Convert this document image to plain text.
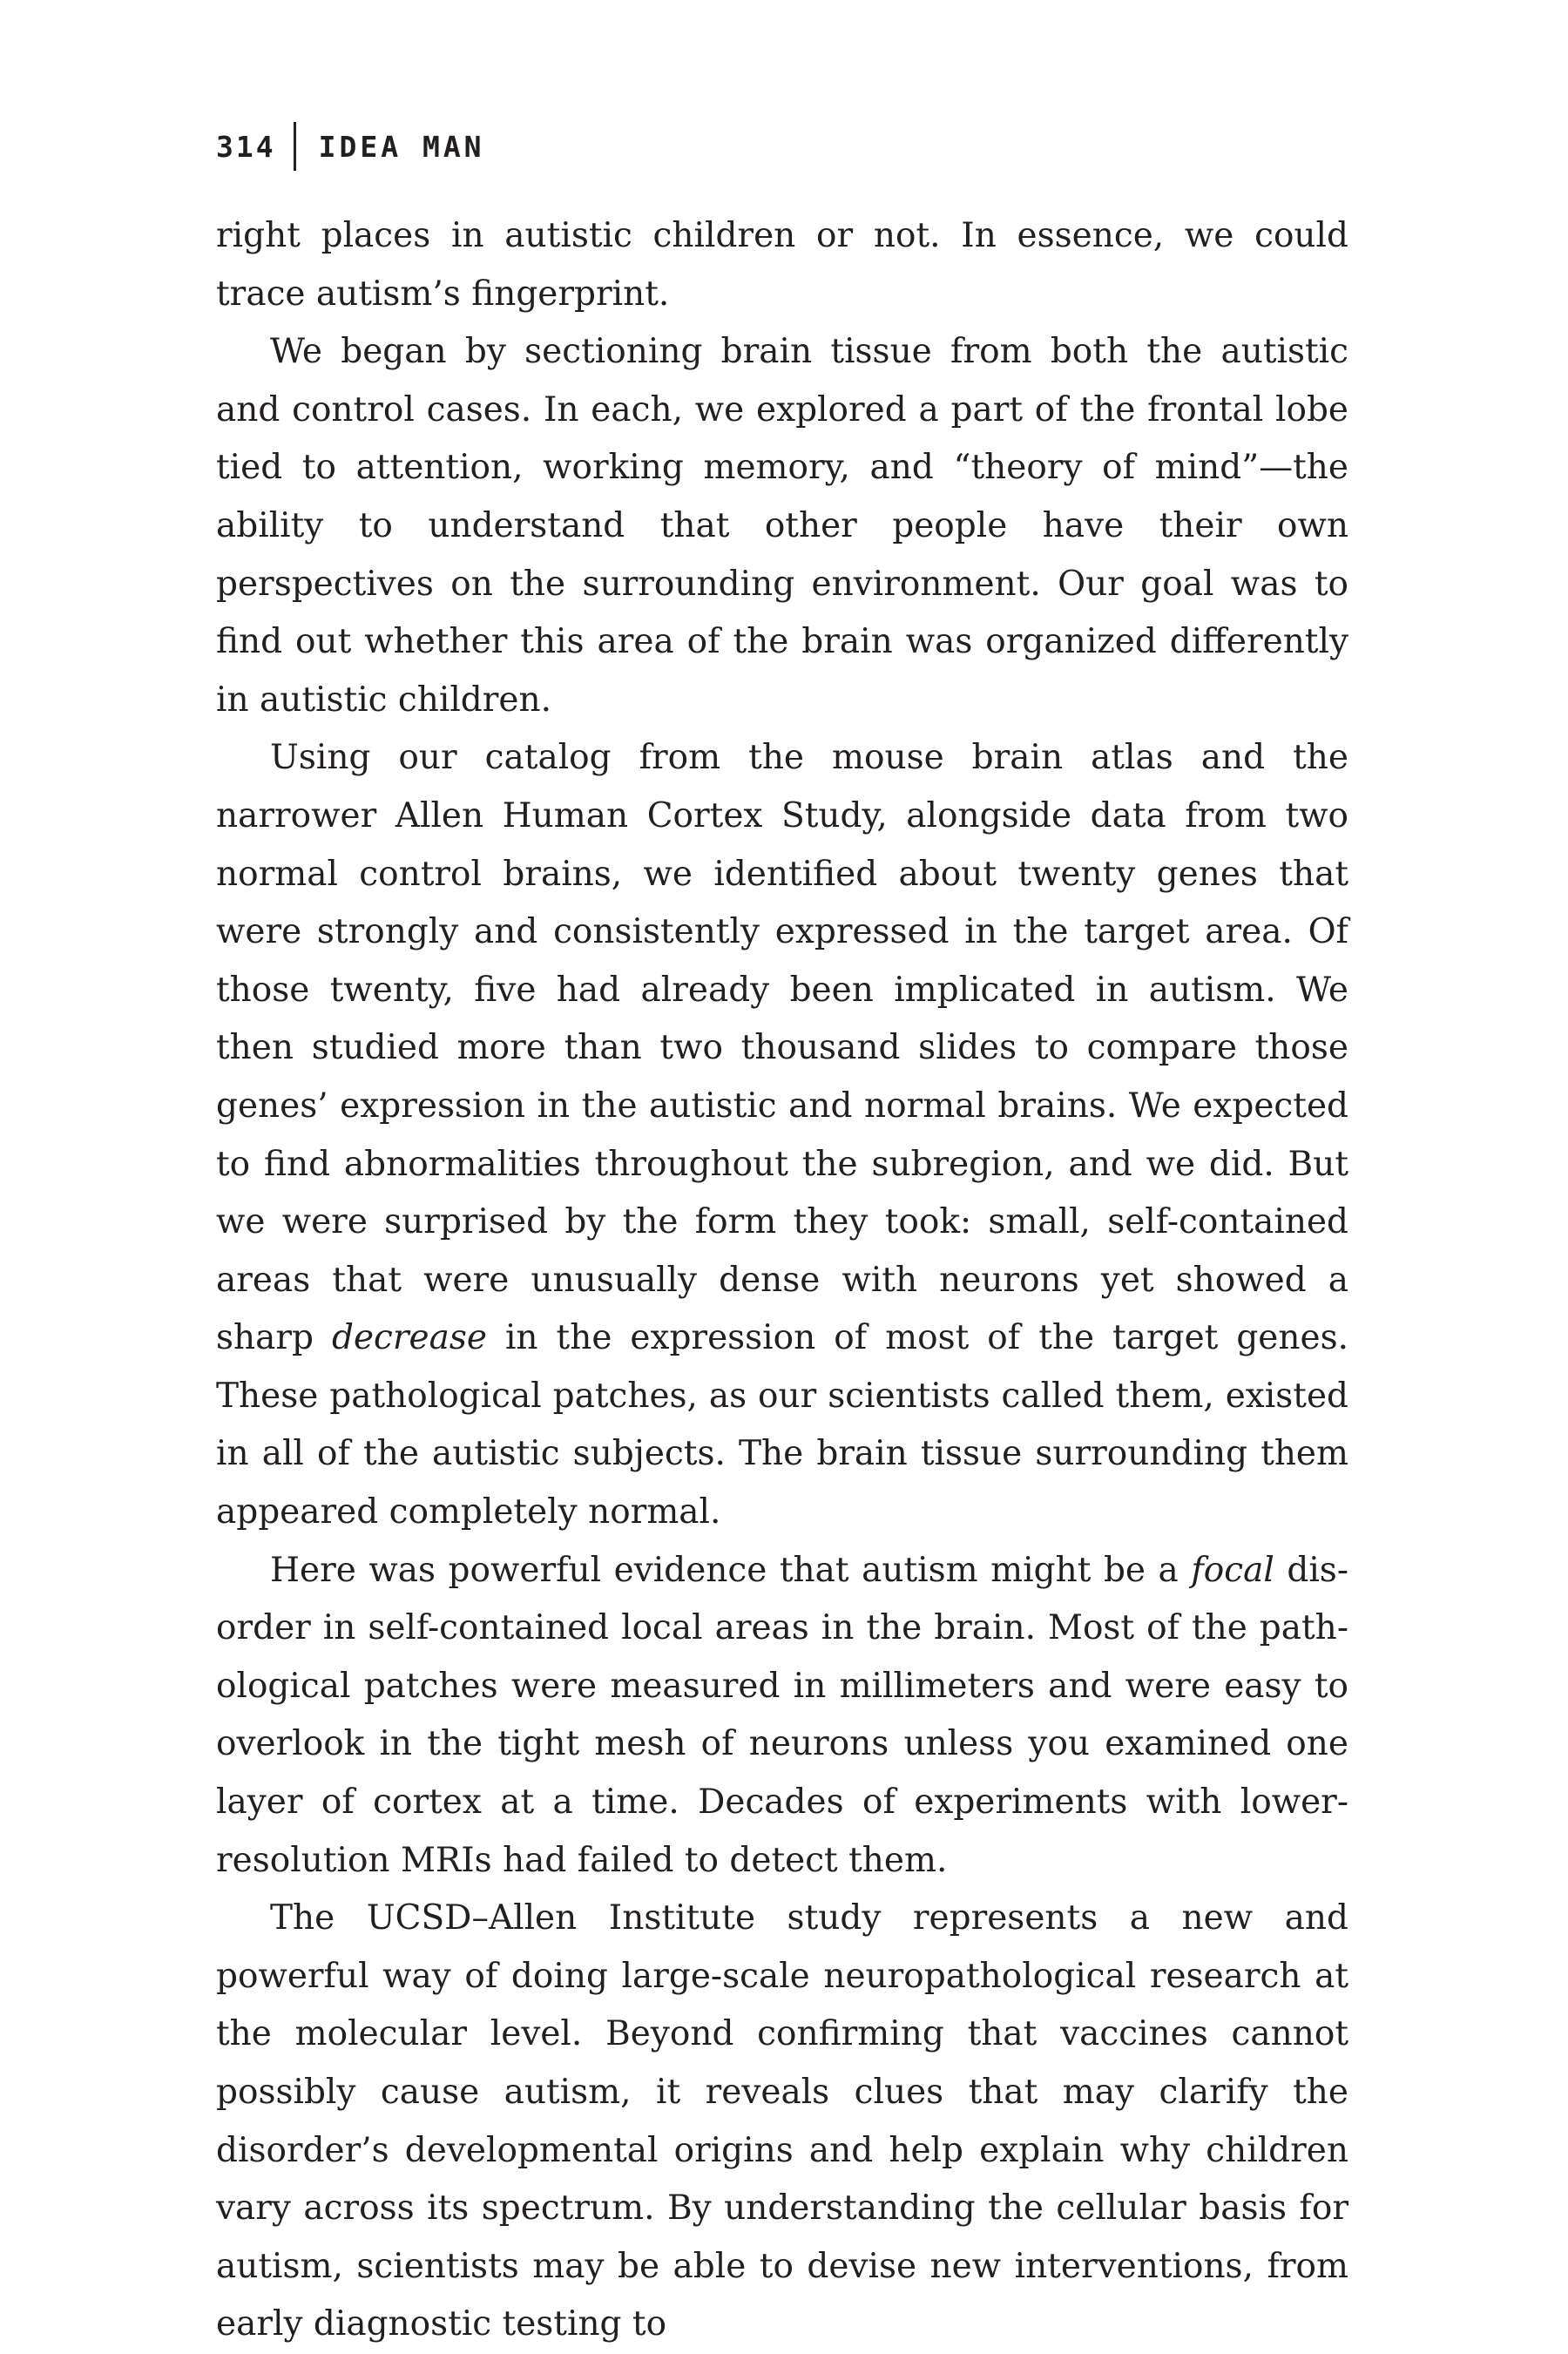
314 IDEA MAN

right places in autistic children or not. In essence, we could trace autism’s fingerprint.

We began by sectioning brain tissue from both the autistic and control cases. In each, we explored a part of the frontal lobe tied to attention, working memory, and “theory of mind”—the ability to understand that other people have their own perspectives on the surrounding environment. Our goal was to find out whether this area of the brain was organized differently in autistic children.

Using our catalog from the mouse brain atlas and the narrower Allen Human Cortex Study, alongside data from two normal control brains, we identified about twenty genes that were strongly and consistently expressed in the target area. Of those twenty, five had already been implicated in autism. We then studied more than two thousand slides to compare those genes’ expression in the autistic and normal brains. We expected to find abnormalities throughout the subregion, and we did. But we were surprised by the form they took: small, self-contained areas that were unusually dense with neurons yet showed a sharp decrease in the expression of most of the target genes. These pathological patches, as our scientists called them, existed in all of the autistic subjects. The brain tissue surrounding them appeared completely normal.

Here was powerful evidence that autism might be a focal disorder in self-contained local areas in the brain. Most of the pathological patches were measured in millimeters and were easy to overlook in the tight mesh of neurons unless you examined one layer of cortex at a time. Decades of experiments with lower-resolution MRIs had failed to detect them.

The UCSD–Allen Institute study represents a new and powerful way of doing large-scale neuropathological research at the molecular level. Beyond confirming that vaccines cannot possibly cause autism, it reveals clues that may clarify the disorder’s developmental origins and help explain why children vary across its spectrum. By understanding the cellular basis for autism, scientists may be able to devise new interventions, from early diagnostic testing to
